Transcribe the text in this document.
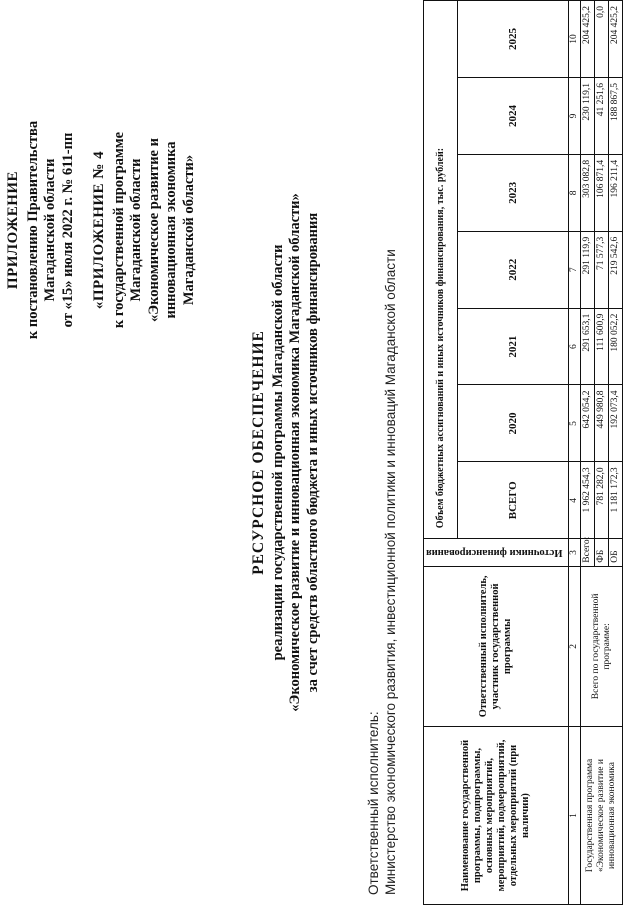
ПРИЛОЖЕНИЕ к постановлению Правительства Магаданской области от «15» июля 2022 г. № 611-пп «ПРИЛОЖЕНИЕ № 4 к государственной программе Магаданской области «Экономическое развитие и инновационная экономика Магаданской области»
РЕСУРСНОЕ ОБЕСПЕЧЕНИЕ реализации государственной программы Магаданской области «Экономическое развитие и инновационная экономика Магаданской области» за счет средств областного бюджета и иных источников финансирования
Ответственный исполнитель: Министерство экономического развития, инвестиционной политики и инноваций Магаданской области	Наименование государственной программы, подпрограммы, основных мероприятий, мероприятий, подмероприятий, отдельных мероприятий (при наличии)	Ответственный исполнитель, участник государственной программы	Источники финансирования	Объем бюджетных ассигнований и иных источников финансирования, тыс. рублей:						
			ВСЕГО	2020	2021	2022	2023	2024	2025
1	2	3	4	5	6	7	8	9	10
Государственная программа «Экономическое развитие и инновационная экономика	Всего по государственной программе:	Всего:	1 962 454,3	642 054,2	291 653,1	291 119,9	303 082,8	230 119,1	204 425,2
		ФБ	781 282,0	449 980,8	111 600,9	71 577,3	106 871,4	41 251,6	0,0
		ОБ	1 181 172,3	192 073,4	180 052,2	219 542,6	196 211,4	188 867,5	204 425,2
